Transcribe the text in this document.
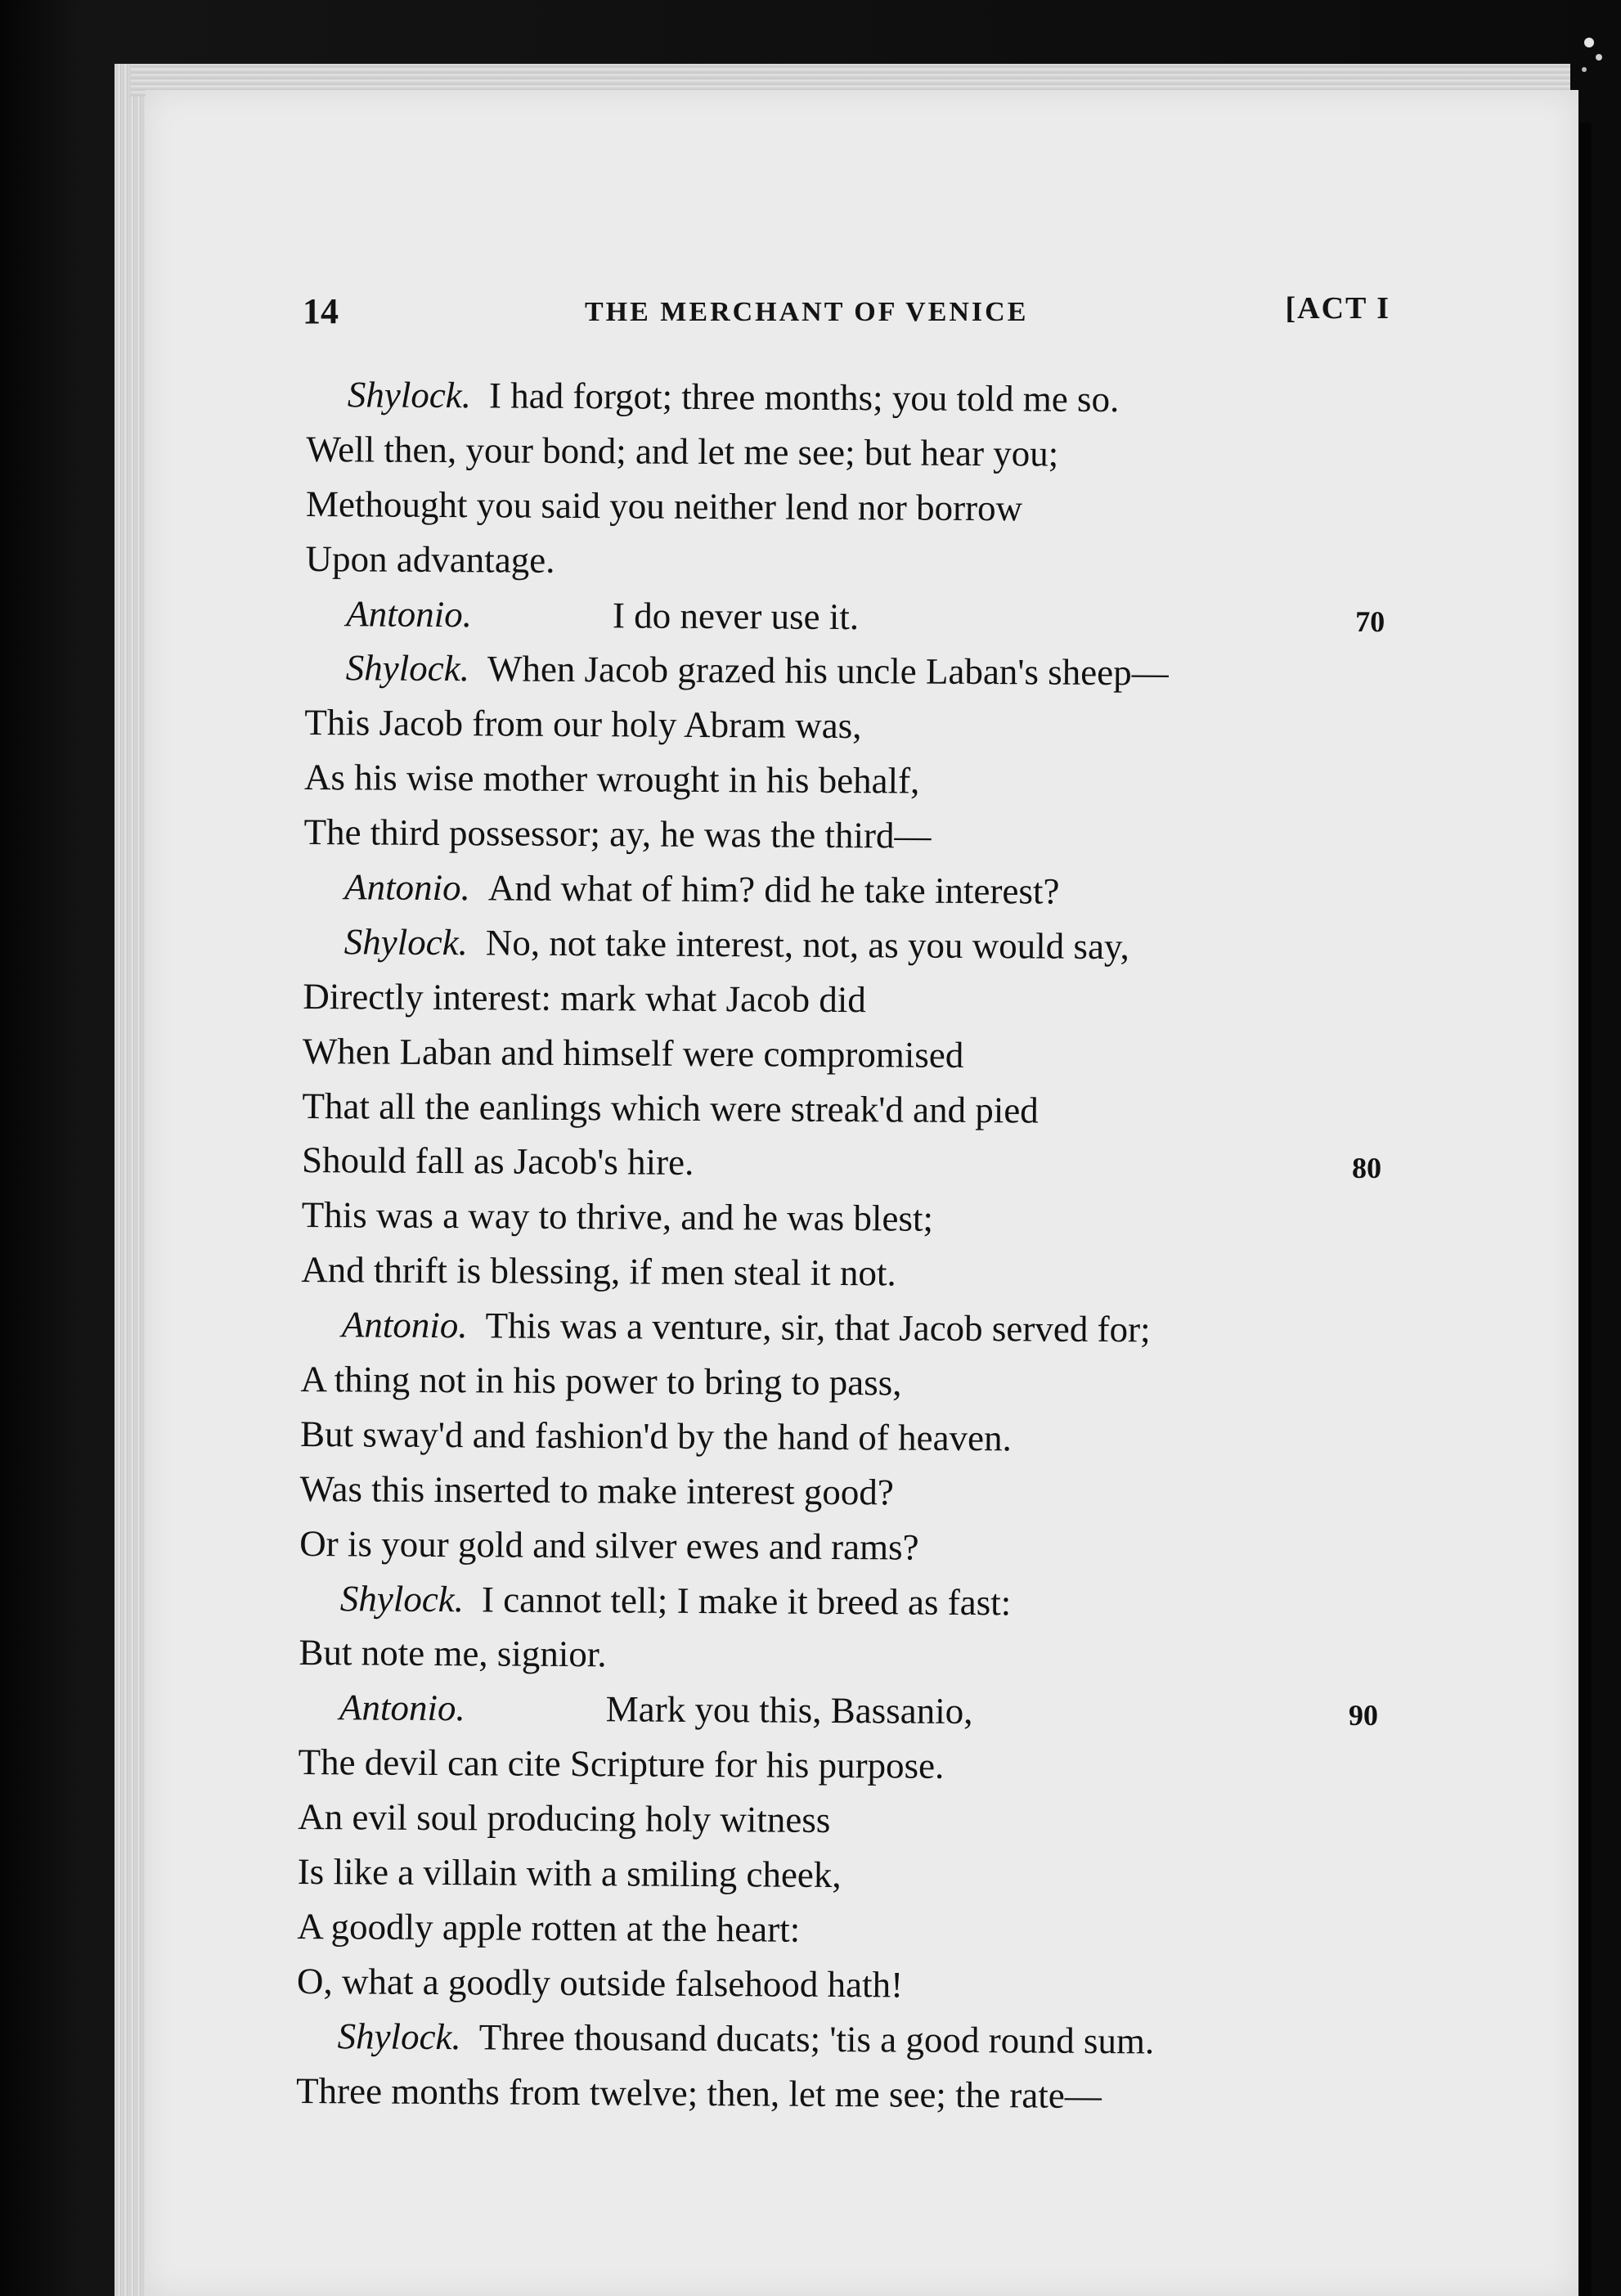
14	THE MERCHANT OF VENICE	[ACT I
Shylock. I had forgot; three months; you told me so.
Well then, your bond; and let me see; but hear you;
Methought you said you neither lend nor borrow
Upon advantage.
Antonio.	I do never use it.	70
Shylock. When Jacob grazed his uncle Laban's sheep—
This Jacob from our holy Abram was,
As his wise mother wrought in his behalf,
The third possessor; ay, he was the third—
Antonio. And what of him? did he take interest?
Shylock. No, not take interest, not, as you would say,
Directly interest: mark what Jacob did
When Laban and himself were compromised
That all the eanlings which were streak'd and pied
Should fall as Jacob's hire.	80
This was a way to thrive, and he was blest;
And thrift is blessing, if men steal it not.
Antonio. This was a venture, sir, that Jacob served for;
A thing not in his power to bring to pass,
But sway'd and fashion'd by the hand of heaven.
Was this inserted to make interest good?
Or is your gold and silver ewes and rams?
Shylock. I cannot tell; I make it breed as fast:
But note me, signior.
Antonio.	Mark you this, Bassanio,	90
The devil can cite Scripture for his purpose.
An evil soul producing holy witness
Is like a villain with a smiling cheek,
A goodly apple rotten at the heart:
O, what a goodly outside falsehood hath!
Shylock. Three thousand ducats; 'tis a good round sum.
Three months from twelve; then, let me see; the rate—
